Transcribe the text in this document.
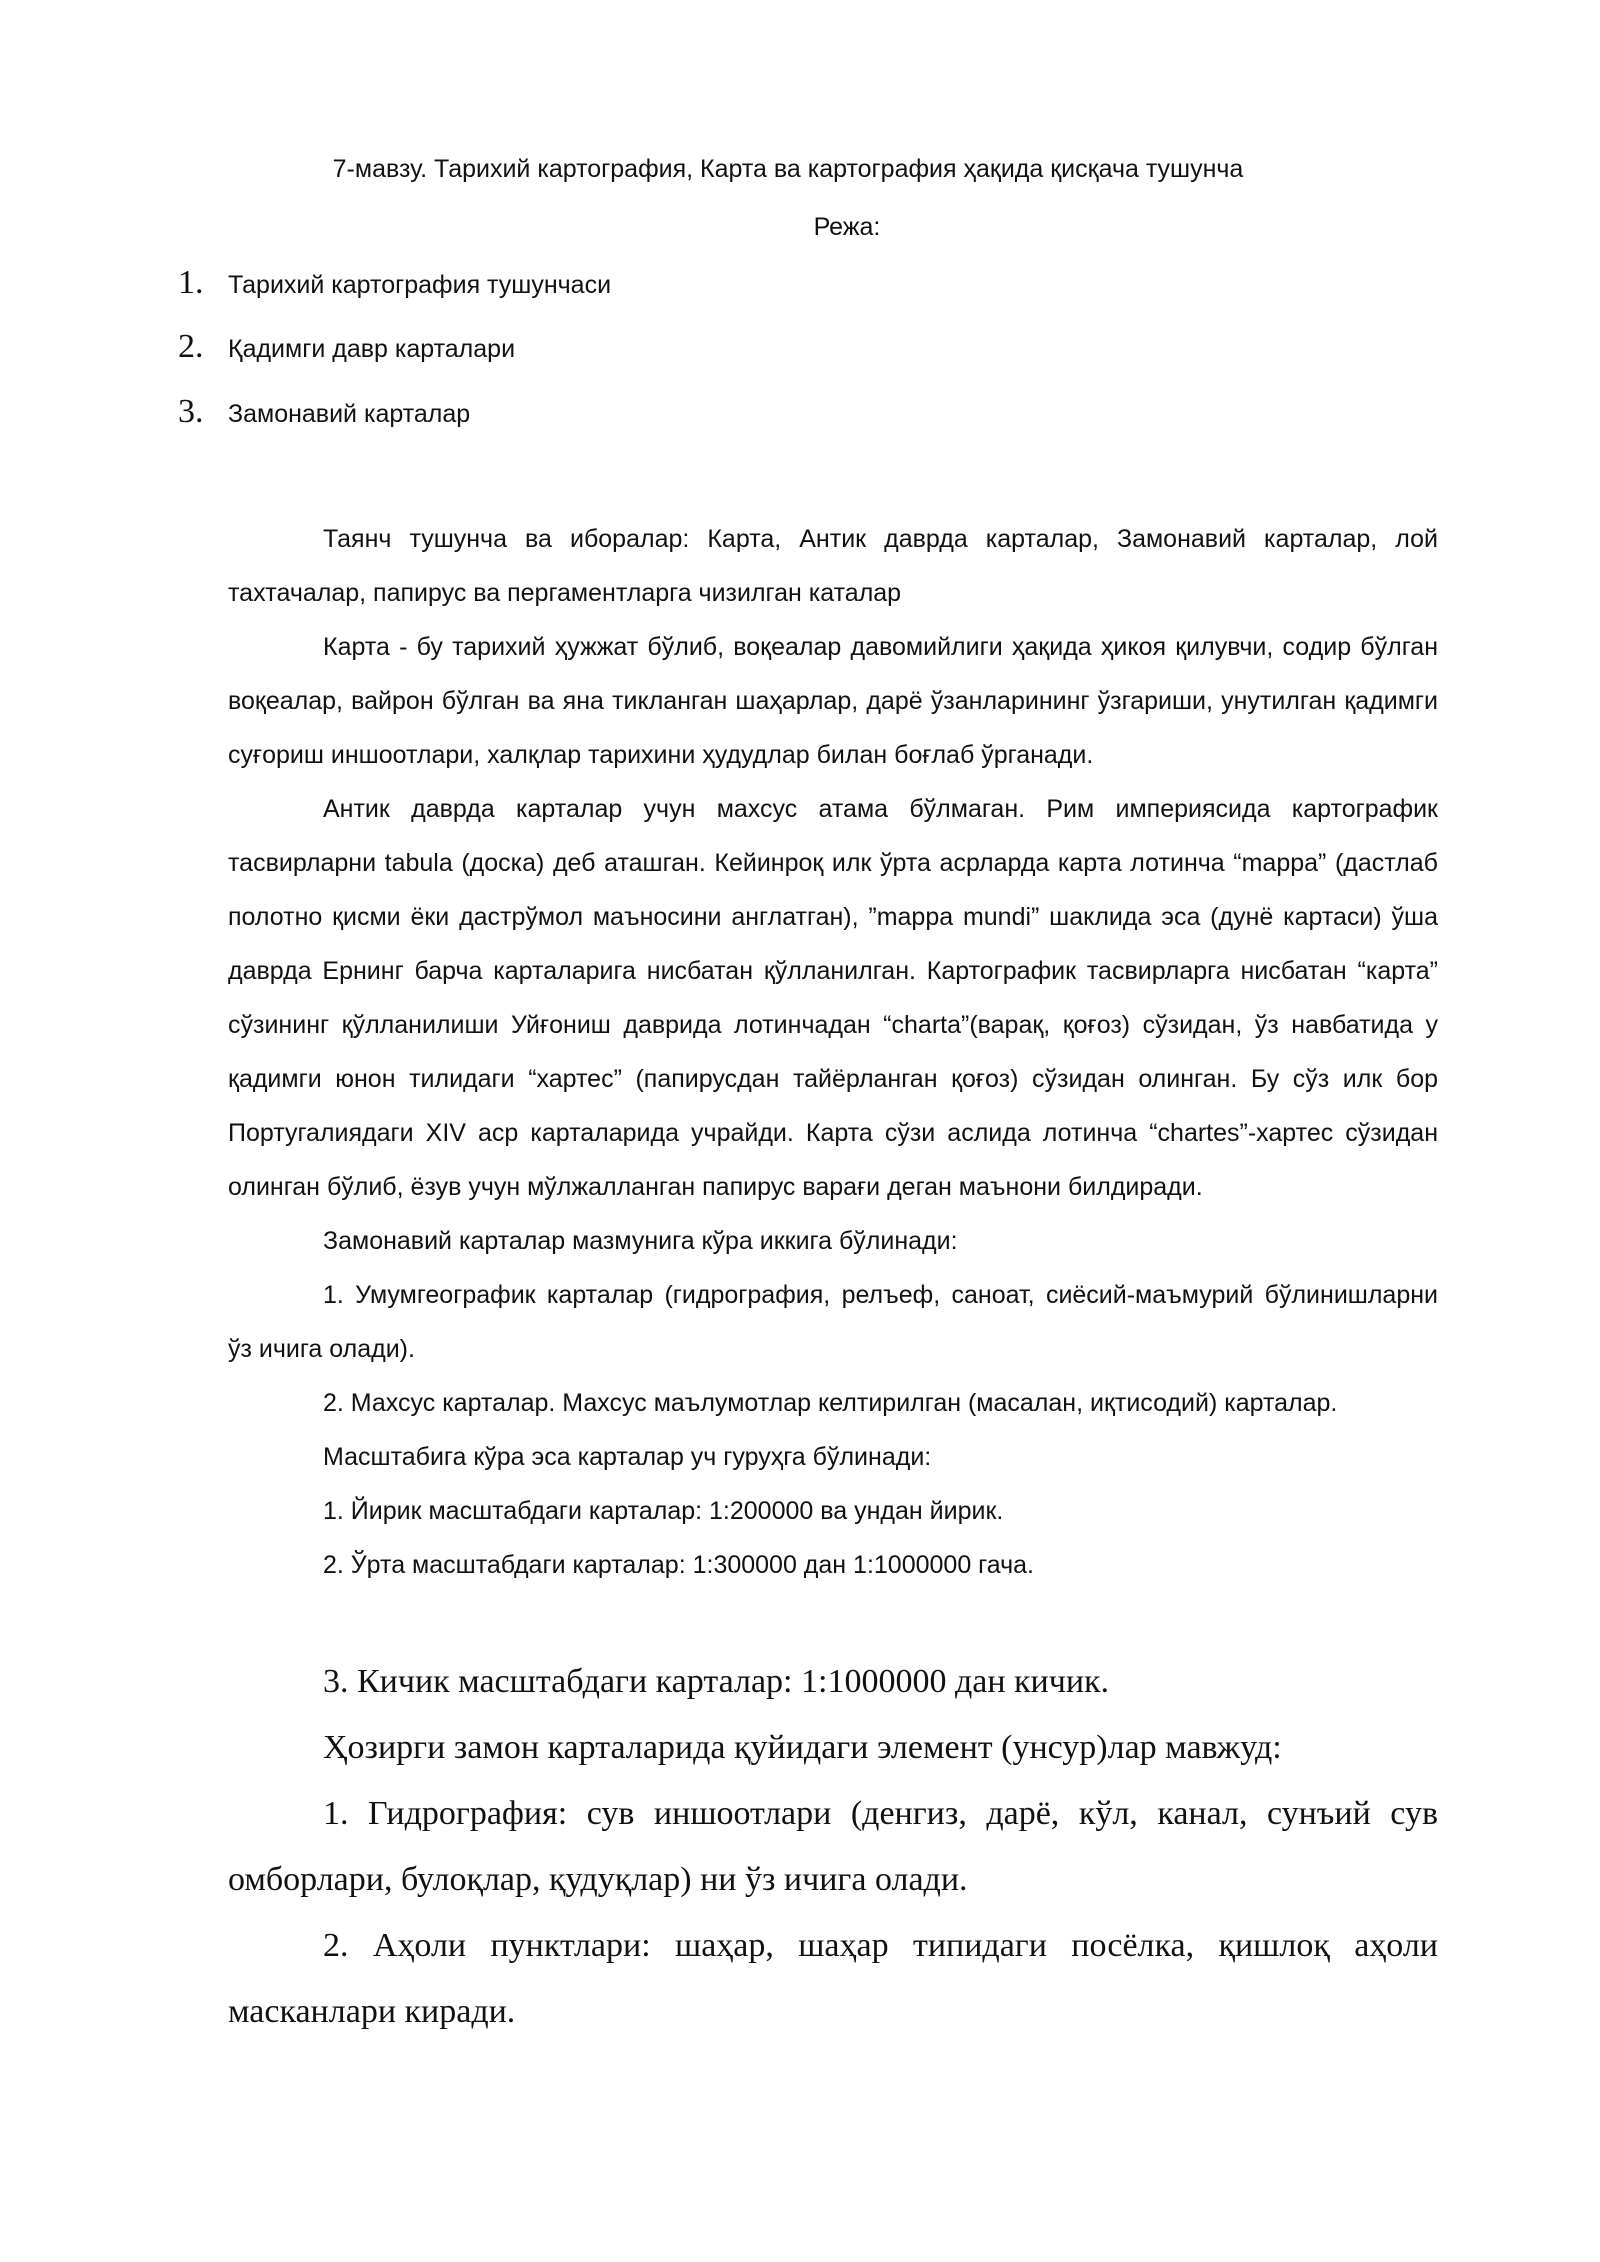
7-мавзу. Тарихий картография, Карта ва картография ҳақида қисқача тушунча
Режа:
1. Тарихий картография тушунчаси
2. Қадимги давр карталари
3. Замонавий карталар

Таянч тушунча ва иборалар: Карта, Антик даврда карталар, Замонавий карталар, лой тахтачалар, папирус ва пергаментларга чизилган каталар

Карта - бу тарихий ҳужжат бўлиб, воқеалар давомийлиги ҳақида ҳикоя қилувчи, содир бўлган воқеалар, вайрон бўлган ва яна тикланган шаҳарлар, дарё ўзанларининг ўзгариши, унутилган қадимги суғориш иншоотлари, халқлар тарихини ҳудудлар билан боғлаб ўрганади.

Антик даврда карталар учун махсус атама бўлмаган. Рим империясида картографик тасвирларни tabula (доска) деб аташган. Кейинроқ илк ўрта асрларда карта лотинча “mappa” (дастлаб полотно қисми ёки дастрўмол маъносини англатган), ”mappa mundi” шаклида эса (дунё картаси) ўша даврда Ернинг барча карталарига нисбатан қўлланилган. Картографик тасвирларга нисбатан “карта” сўзининг қўлланилиши Уйғониш даврида лотинчадан “charta”(варақ, қоғоз) сўзидан, ўз навбатида у қадимги юнон тилидаги “хартес” (папирусдан тайёрланган қоғоз) сўзидан олинган. Бу сўз илк бор Португалиядаги XIV аср карталарида учрайди. Карта сўзи аслида лотинча “chartes”-хартес сўзидан олинган бўлиб, ёзув учун мўлжалланган папирус варағи деган маънони билдиради.

Замонавий карталар мазмунига кўра иккига бўлинади:

1. Умумгеографик карталар (гидрография, релъеф, саноат, сиёсий-маъмурий бўлинишларни ўз ичига олади).

2. Махсус карталар. Махсус маълумотлар келтирилган (масалан, иқтисодий) карталар.

Масштабига кўра эса карталар уч гуруҳга бўлинади:

1. Йирик масштабдаги карталар: 1:200000 ва ундан йирик.

2. Ўрта масштабдаги карталар: 1:300000 дан 1:1000000 гача.

3. Кичик масштабдаги карталар: 1:1000000 дан кичик.

Ҳозирги замон карталарида қуйидаги элемент (унсур)лар мавжуд:

1. Гидрография: сув иншоотлари (денгиз, дарё, кўл, канал, сунъий сув омборлари, булоқлар, қудуқлар) ни ўз ичига олади.

2. Аҳоли пунктлари: шаҳар, шаҳар типидаги посёлка, қишлоқ аҳоли масканлари киради.
